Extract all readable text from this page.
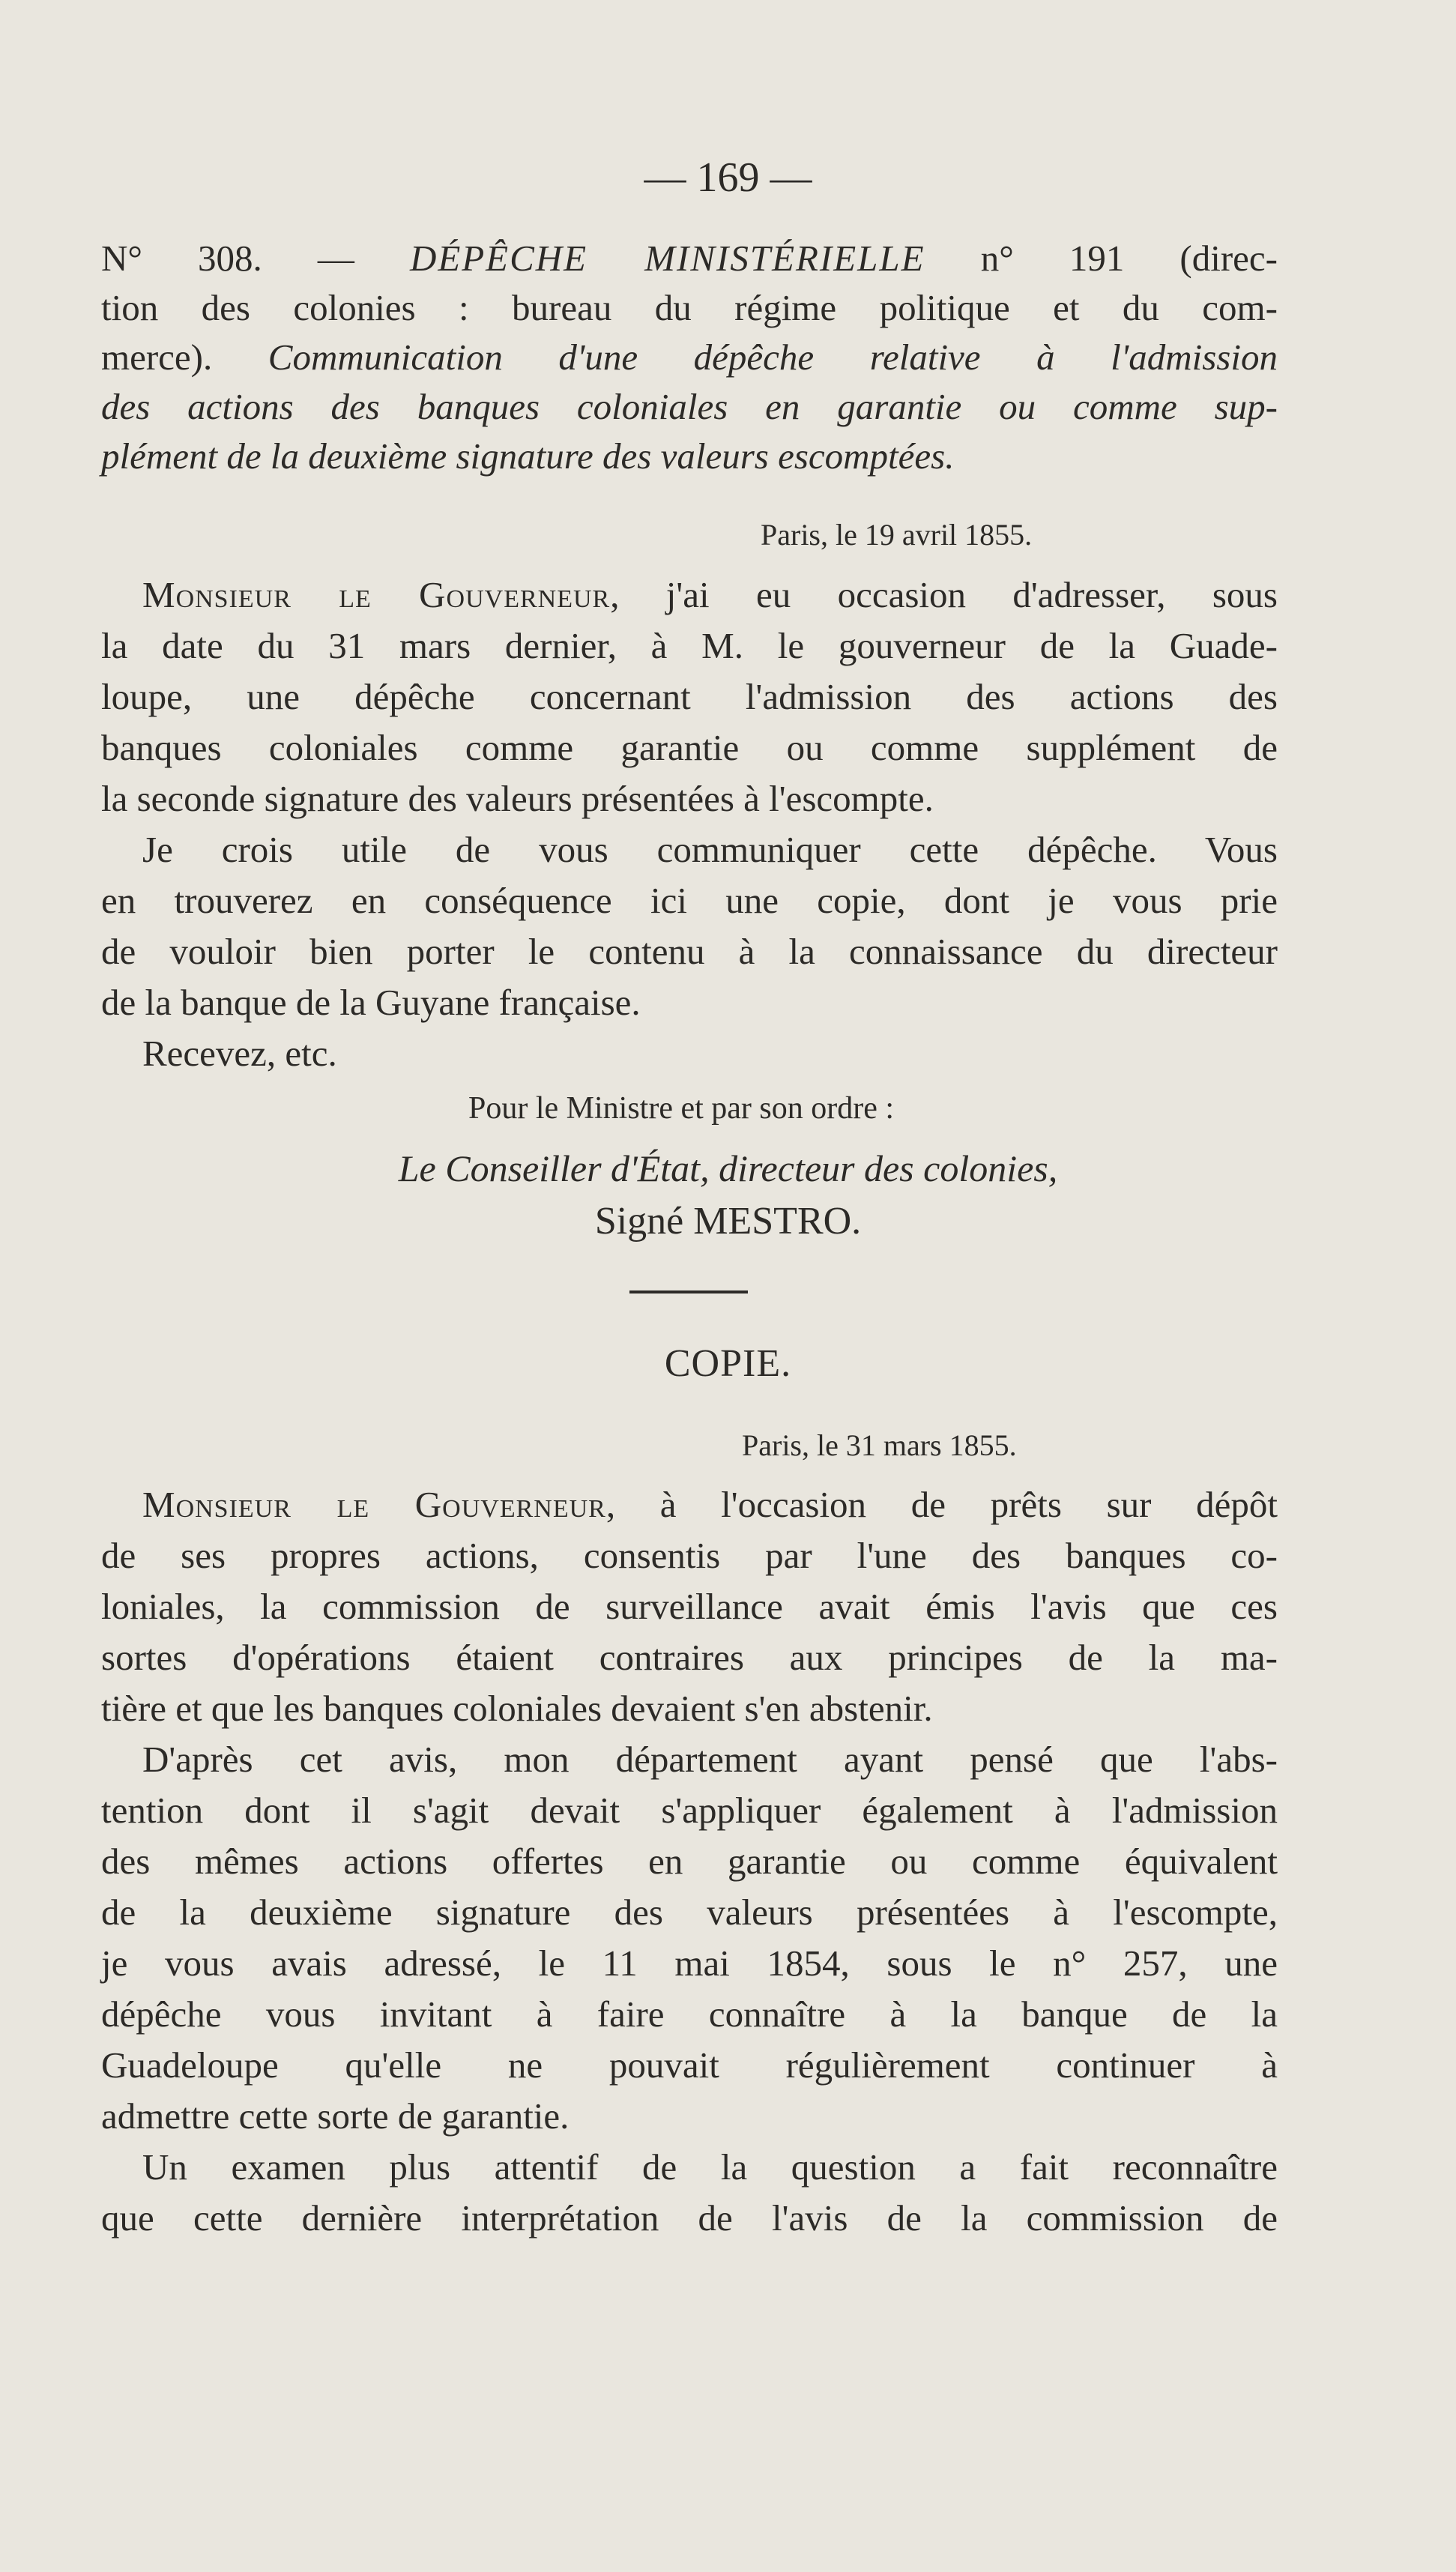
— 169 —
N° 308. — DÉPÊCHE MINISTÉRIELLE n° 191 (direc-
tion des colonies : bureau du régime politique et du com-
merce). Communication d'une dépêche relative à l'admission
des actions des banques coloniales en garantie ou comme sup-
plément de la deuxième signature des valeurs escomptées.
Paris, le 19 avril 1855.
Monsieur le Gouverneur, j'ai eu occasion d'adresser, sous
la date du 31 mars dernier, à M. le gouverneur de la Guade-
loupe, une dépêche concernant l'admission des actions des
banques coloniales comme garantie ou comme supplément de
la seconde signature des valeurs présentées à l'escompte.
Je crois utile de vous communiquer cette dépêche. Vous
en trouverez en conséquence ici une copie, dont je vous prie
de vouloir bien porter le contenu à la connaissance du directeur
de la banque de la Guyane française.
Recevez, etc.
Pour le Ministre et par son ordre :
Le Conseiller d'État, directeur des colonies,
Signé MESTRO.
COPIE.
Paris, le 31 mars 1855.
Monsieur le Gouverneur, à l'occasion de prêts sur dépôt
de ses propres actions, consentis par l'une des banques co-
loniales, la commission de surveillance avait émis l'avis que ces
sortes d'opérations étaient contraires aux principes de la ma-
tière et que les banques coloniales devaient s'en abstenir.
D'après cet avis, mon département ayant pensé que l'abs-
tention dont il s'agit devait s'appliquer également à l'admission
des mêmes actions offertes en garantie ou comme équivalent
de la deuxième signature des valeurs présentées à l'escompte,
je vous avais adressé, le 11 mai 1854, sous le n° 257, une
dépêche vous invitant à faire connaître à la banque de la
Guadeloupe qu'elle ne pouvait régulièrement continuer à
admettre cette sorte de garantie.
Un examen plus attentif de la question a fait reconnaître
que cette dernière interprétation de l'avis de la commission de
